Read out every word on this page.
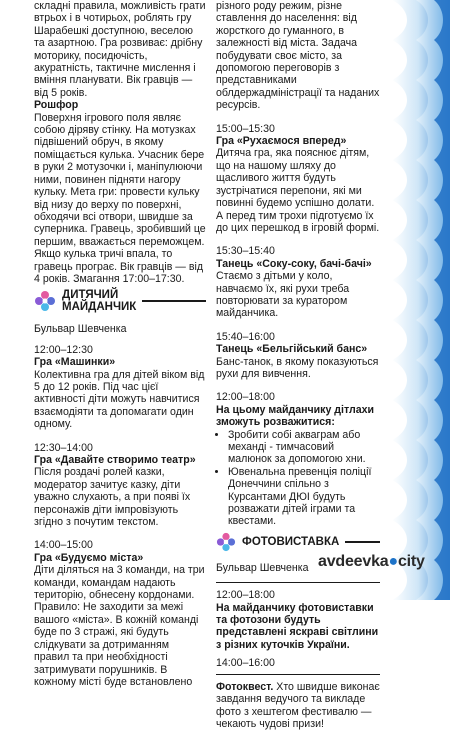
складні правила, можливість грати втрьох і в чотирьох, роблять гру Шарабешкі доступною, веселою та азартною. Гра розвиває: дрібну моторику, посидючість, акуратність, тактичне мислення і вміння планувати. Вік гравців — від 5 років.

Рошфор

Поверхня ігрового поля являє собою діряву стінку. На мотузках підвішений обруч, в якому поміщається кулька. Учасник бере в руки 2 мотузочки і, маніпулюючи ними, повинен підняти нагору кульку. Мета гри: провести кульку від низу до верху по поверхні, обходячи всі отвори, швидше за суперника. Гравець, зробивший це першим, вважається переможцем. Якщо кулька тричі впала, то гравець програє. Вік гравців — від 4 років. Змагання 17:00–17:30.

ДИТЯЧИЙ
МАЙДАНЧИК

Бульвар Шевченка

12:00–12:30

Гра «Машинки»

Колективна гра для дітей віком від 5 до 12 років. Під час цієї активності діти можуть навчитися взаємодіяти та допомагати один одному.

12:30–14:00

Гра «Давайте створимо театр»

Після роздачі ролей казки, модератор зачитує казку, діти уважно слухають, а при появі їх персонажів діти імпровізують згідно з почутим текстом.

14:00–15:00

Гра «Будуємо міста»

Діти діляться на 3 команди, на три команди, командам надають територію, обнесену кордонами. Правило: Не заходити за межі вашого «міста». В кожній команді буде по 3 стражі, які будуть слідкувати за дотриманням правил та при необхідності затримувати порушників. В кожному місті буде встановлено

різного роду режим, різне ставлення до населення: від жорсткого до гуманного, в залежності від міста. Задача побудувати своє місто, за допомогою переговорів з представниками облдержадміністрації та наданих ресурсів.

15:00–15:30

Гра «Рухаємося вперед»

Дитяча гра, яка пояснює дітям, що на нашому шляху до щасливого життя будуть зустрічатися перепони, які ми повинні будемо успішно долати. А перед тим трохи підготуємо їх до цих перешкод в ігровій формі.

15:30–15:40

Танець «Соку-соку, бачі-бачі»

Стаємо з дітьми у коло, навчаємо їх, які рухи треба повторювати за куратором майданчика.

15:40–16:00

Танець «Бельгійський банс»

Банс-танок, в якому показуються рухи для вивчення.

12:00–18:00

На цьому майданчику дітлахи зможуть розважитися:

• Зробити собі акваграм або механді - тимчасовий малюнок за допомогою хни.
• Ювенальна превенція поліції Донеччини спільно з Курсантами ДЮІ будуть розважати дітей іграми та квестами.
ФОТОВИСТАВКА

Бульвар Шевченка

12:00–18:00

На майданчику фотовиставки та фотозони будуть представлені яскраві світлини з різних куточків України.

14:00–16:00

Фотоквест. Хто швидше виконає завдання ведучого та викладе фото з хештегом фестивалю — чекають чудові призи!

avdeevka●city
